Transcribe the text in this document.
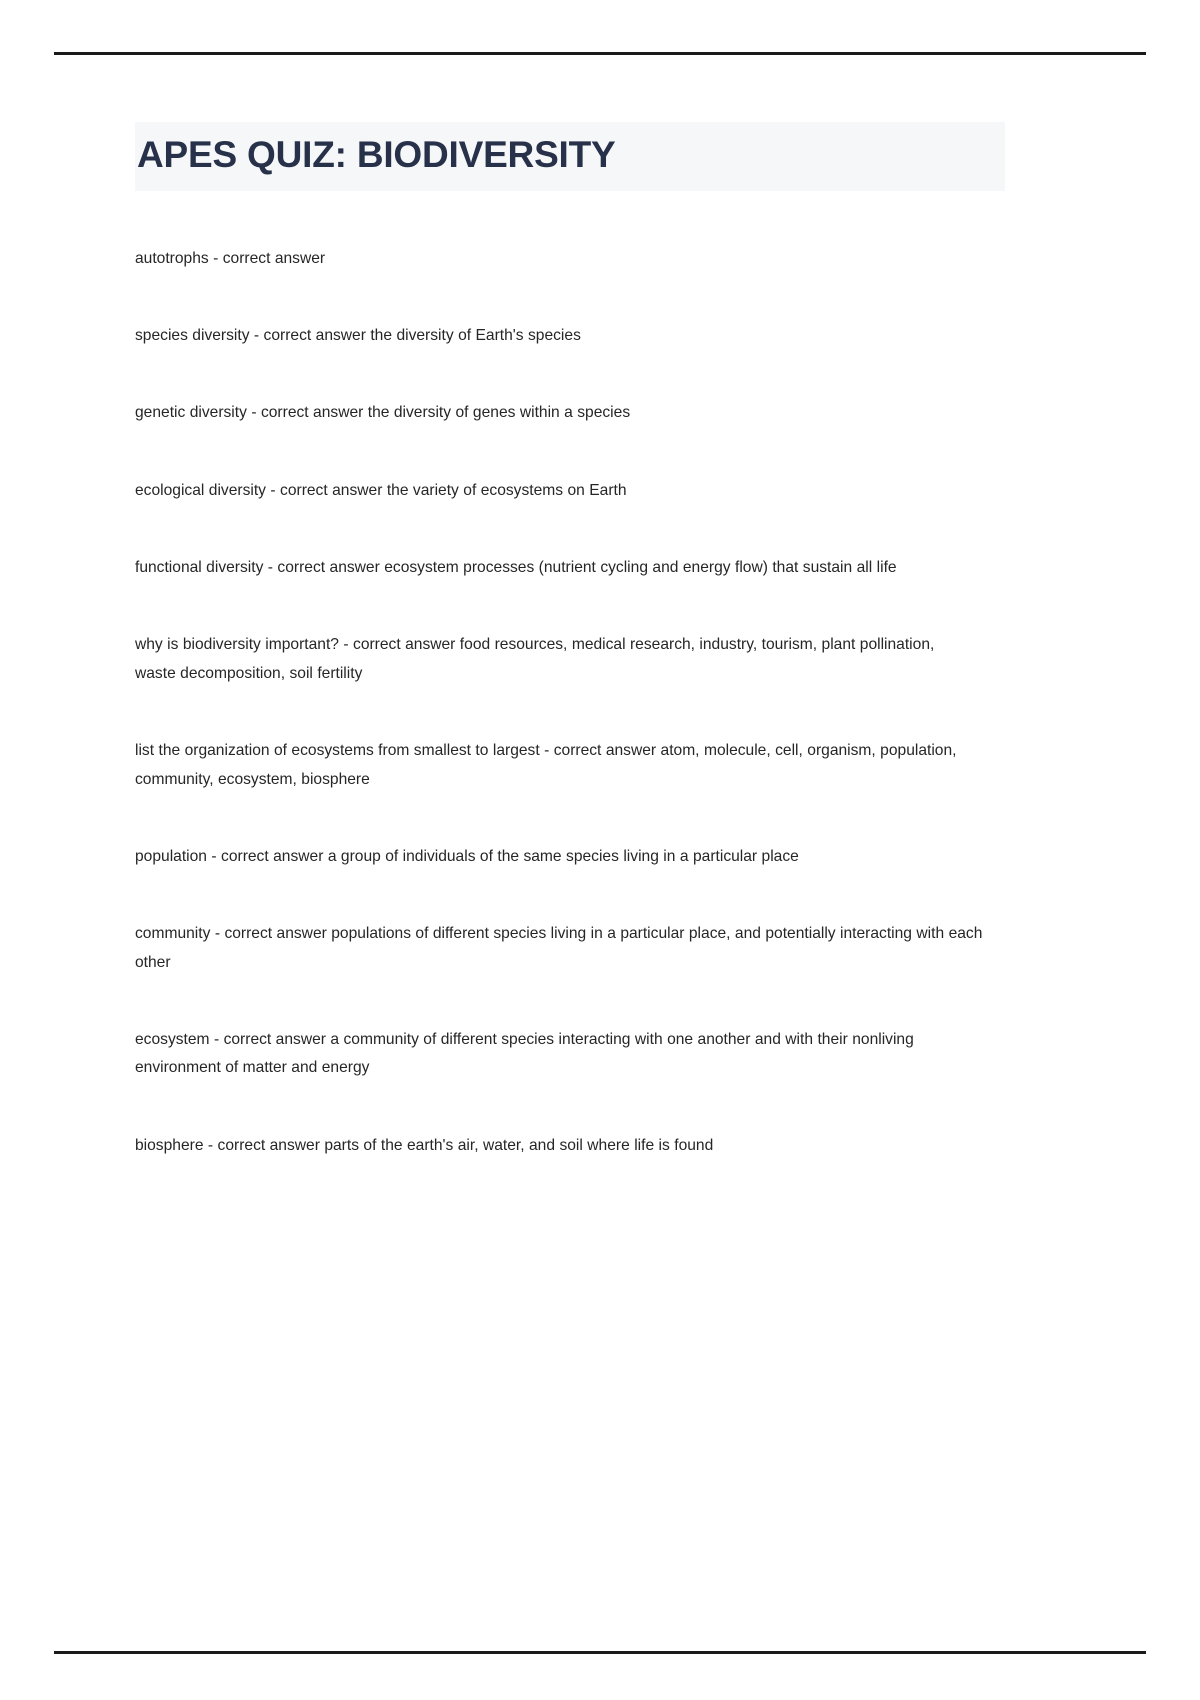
APES QUIZ: BIODIVERSITY

autotrophs - correct answer

species diversity - correct answer the diversity of Earth's species

genetic diversity - correct answer the diversity of genes within a species

ecological diversity - correct answer the variety of ecosystems on Earth

functional diversity - correct answer ecosystem processes (nutrient cycling and energy flow) that sustain all life

why is biodiversity important? - correct answer food resources, medical research, industry, tourism, plant pollination, waste decomposition, soil fertility

list the organization of ecosystems from smallest to largest - correct answer atom, molecule, cell, organism, population, community, ecosystem, biosphere

population - correct answer a group of individuals of the same species living in a particular place

community - correct answer populations of different species living in a particular place, and potentially interacting with each other

ecosystem - correct answer a community of different species interacting with one another and with their nonliving environment of matter and energy

biosphere - correct answer parts of the earth's air, water, and soil where life is found
